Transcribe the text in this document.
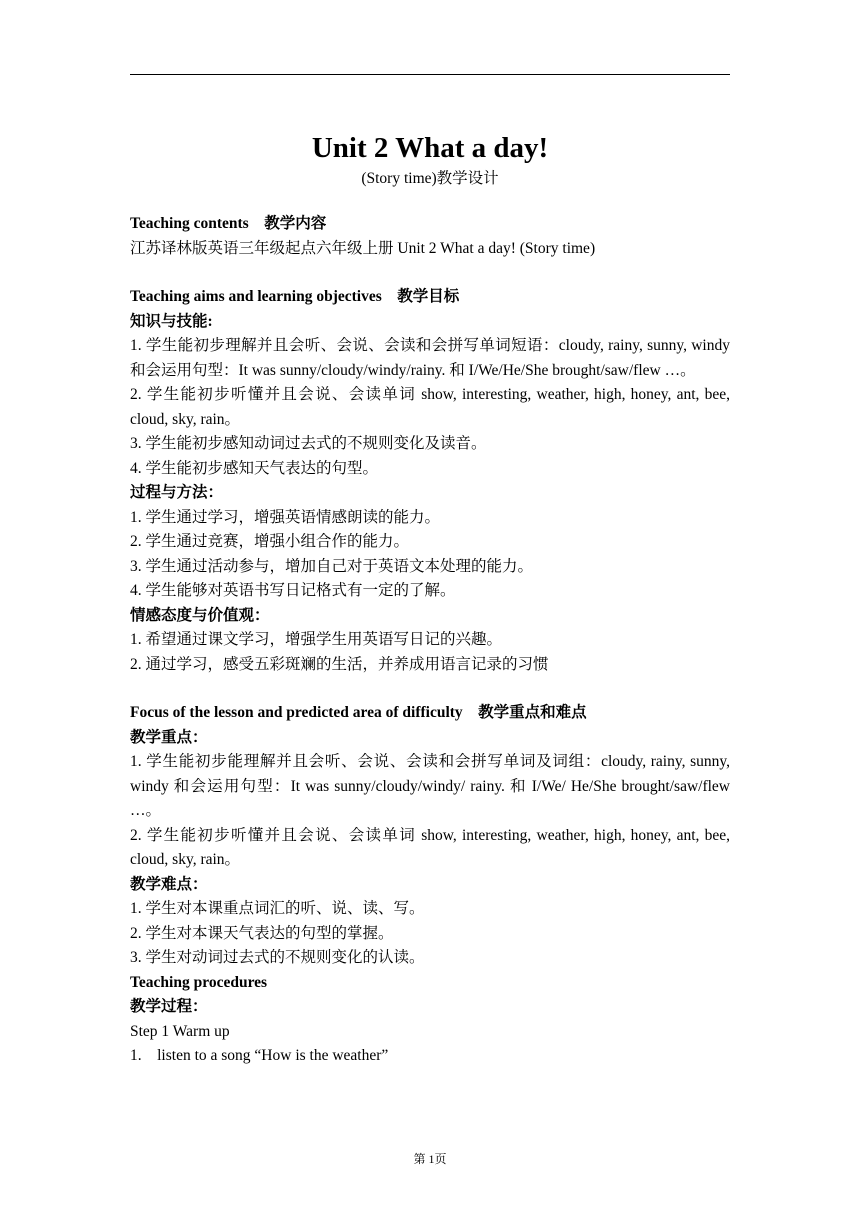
Unit 2 What a day!

(Story time)教学设计

Teaching contents　教学内容

江苏译林版英语三年级起点六年级上册 Unit 2 What a day! (Story time)

Teaching aims and learning objectives　教学目标

知识与技能:

1. 学生能初步理解并且会听、会说、会读和会拼写单词短语：cloudy, rainy, sunny, windy 和会运用句型：It was sunny/cloudy/windy/rainy. 和 I/We/He/She brought/saw/flew …。

2. 学生能初步听懂并且会说、会读单词 show, interesting, weather, high, honey, ant, bee, cloud, sky, rain。

3. 学生能初步感知动词过去式的不规则变化及读音。

4. 学生能初步感知天气表达的句型。

过程与方法：

1. 学生通过学习，增强英语情感朗读的能力。

2. 学生通过竞赛，增强小组合作的能力。

3. 学生通过活动参与，增加自己对于英语文本处理的能力。

4. 学生能够对英语书写日记格式有一定的了解。

情感态度与价值观：

1. 希望通过课文学习，增强学生用英语写日记的兴趣。

2. 通过学习，感受五彩斑斓的生活，并养成用语言记录的习惯

Focus of the lesson and predicted area of difficulty　教学重点和难点

教学重点：

1. 学生能初步能理解并且会听、会说、会读和会拼写单词及词组：cloudy, rainy, sunny, windy 和会运用句型：It was sunny/cloudy/windy/ rainy. 和 I/We/ He/She brought/saw/flew …。

2. 学生能初步听懂并且会说、会读单词 show, interesting, weather, high, honey, ant, bee, cloud, sky, rain。

教学难点：

1. 学生对本课重点词汇的听、说、读、写。

2. 学生对本课天气表达的句型的掌握。

3. 学生对动词过去式的不规则变化的认读。

Teaching procedures

教学过程：

Step 1 Warm up

1.　listen to a song “How is the weather”

第 1页
